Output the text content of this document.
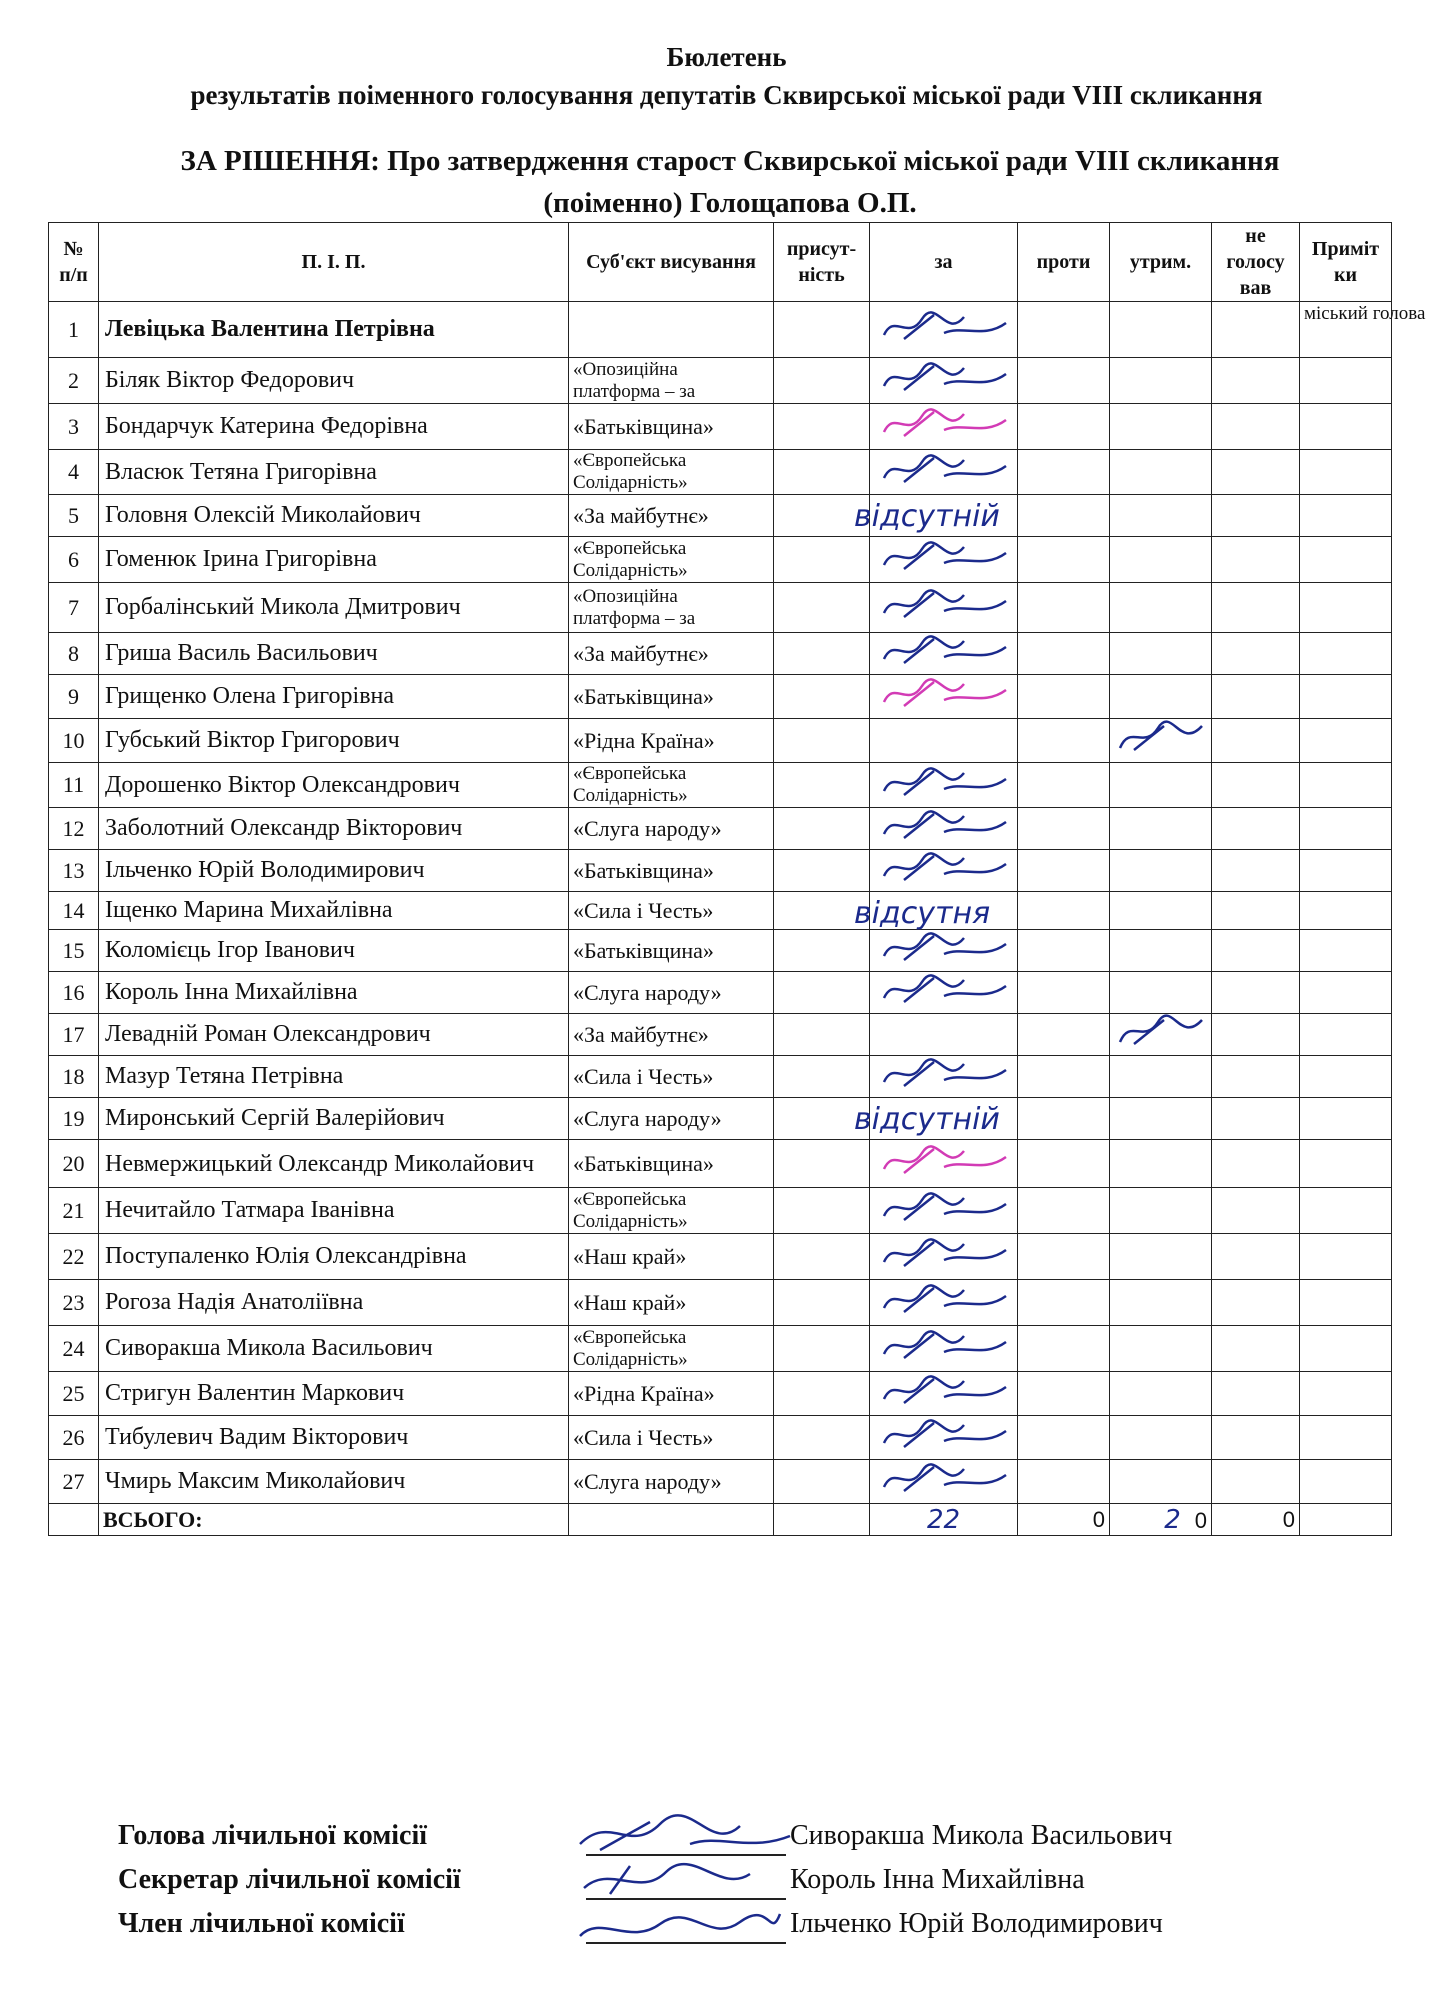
Бюлетень
результатів поіменного голосування депутатів Сквирської міської ради VIII скликання
ЗА РІШЕННЯ: Про затвердження старост Сквирської міської ради VIII скликання
(поіменно) Голощапова О.П.
№ п/п	П. І. П.	Суб'єкт висування	присут-ність	за	проти	утрим.	не голосу вав	Приміт ки
1	Левіцька Валентина Петрівна							міський голова
2	Біляк Віктор Федорович	«Опозиційна платформа – за						
3	Бондарчук Катерина Федорівна	«Батьківщина»						
4	Власюк Тетяна Григорівна	«Європейська Солідарність»						
5	Головня Олексій Миколайович	«За майбутнє»		відсутній				

6	Гоменюк Ірина Григорівна	«Європейська Солідарність»						
7	Горбалінський Микола Дмитрович	«Опозиційна платформа – за						
8	Гриша Василь Васильович	«За майбутнє»						
9	Грищенко Олена Григорівна	«Батьківщина»						
10	Губський Віктор Григорович	«Рідна Країна»						
11	Дорошенко Віктор Олександрович	«Європейська Солідарність»						
12	Заболотний Олександр Вікторович	«Слуга народу»						
13	Ільченко Юрій Володимирович	«Батьківщина»						
14	Іщенко Марина Михайлівна	«Сила і Честь»		відсутня				

15	Коломієць Ігор Іванович	«Батьківщина»						
16	Король Інна Михайлівна	«Слуга народу»						
17	Левадній Роман Олександрович	«За майбутнє»						
18	Мазур Тетяна Петрівна	«Сила і Честь»						
19	Миронський Сергій Валерійович	«Слуга народу»		відсутній				

20	Невмержицький Олександр Миколайович	«Батьківщина»						
21	Нечитайло Татмара Іванівна	«Європейська Солідарність»						
22	Поступаленко Юлія Олександрівна	«Наш край»						
23	Рогоза Надія Анатоліївна	«Наш край»						
24	Сиворакша Микола Васильович	«Європейська Солідарність»						
25	Стригун Валентин Маркович	«Рідна Країна»						
26	Тибулевич Вадим Вікторович	«Сила і Честь»						
27	Чмирь Максим Миколайович	«Слуга народу»						
	ВСЬОГО:			22	0	2 0	0	
Голова лічильної комісії	Сиворакша Микола Васильович
Секретар лічильної комісії	Король Інна Михайлівна
Член лічильної комісії	Ільченко Юрій Володимирович
